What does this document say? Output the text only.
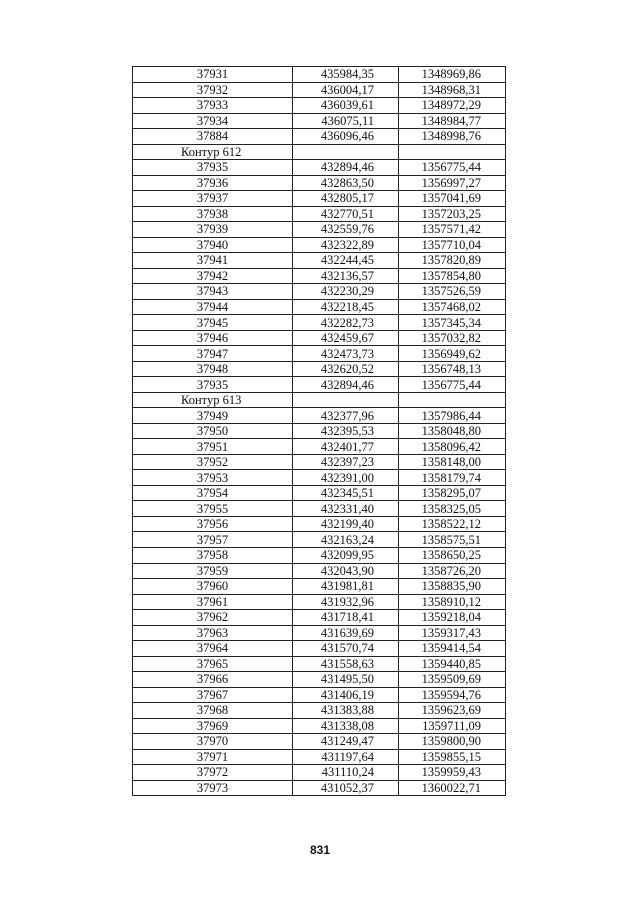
37931	435984,35	1348969,86
37932	436004,17	1348968,31
37933	436039,61	1348972,29
37934	436075,11	1348984,77
37884	436096,46	1348998,76
Контур 612		
37935	432894,46	1356775,44
37936	432863,50	1356997,27
37937	432805,17	1357041,69
37938	432770,51	1357203,25
37939	432559,76	1357571,42
37940	432322,89	1357710,04
37941	432244,45	1357820,89
37942	432136,57	1357854,80
37943	432230,29	1357526,59
37944	432218,45	1357468,02
37945	432282,73	1357345,34
37946	432459,67	1357032,82
37947	432473,73	1356949,62
37948	432620,52	1356748,13
37935	432894,46	1356775,44
Контур 613		
37949	432377,96	1357986,44
37950	432395,53	1358048,80
37951	432401,77	1358096,42
37952	432397,23	1358148,00
37953	432391,00	1358179,74
37954	432345,51	1358295,07
37955	432331,40	1358325,05
37956	432199,40	1358522,12
37957	432163,24	1358575,51
37958	432099,95	1358650,25
37959	432043,90	1358726,20
37960	431981,81	1358835,90
37961	431932,96	1358910,12
37962	431718,41	1359218,04
37963	431639,69	1359317,43
37964	431570,74	1359414,54
37965	431558,63	1359440,85
37966	431495,50	1359509,69
37967	431406,19	1359594,76
37968	431383,88	1359623,69
37969	431338,08	1359711,09
37970	431249,47	1359800,90
37971	431197,64	1359855,15
37972	431110,24	1359959,43
37973	431052,37	1360022,71
831
